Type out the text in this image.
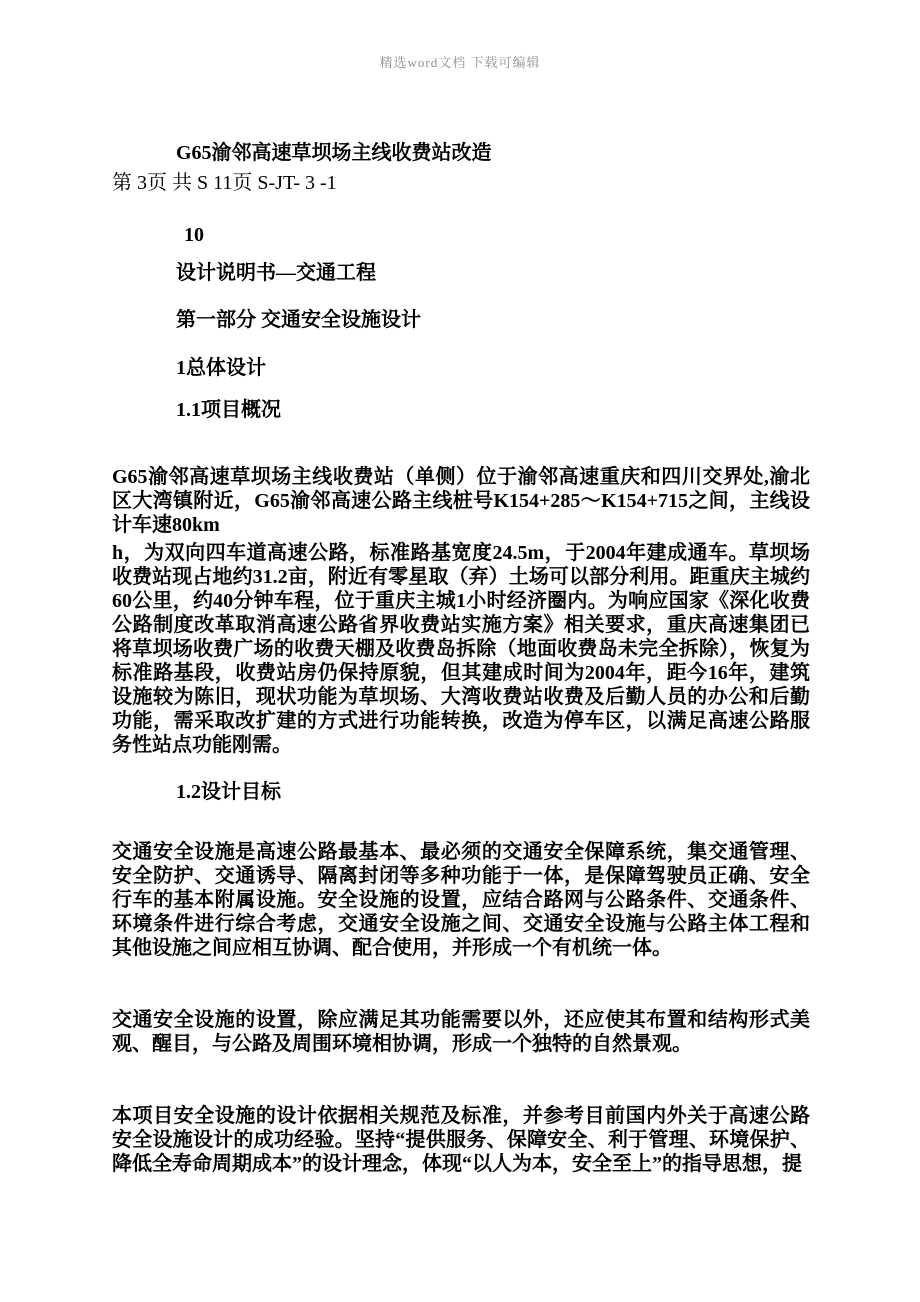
精选word文档 下载可编辑
G65渝邻高速草坝场主线收费站改造
第 3页 共 S 11页 S-JT- 3 -1
10
设计说明书—交通工程
第一部分 交通安全设施设计
1总体设计
1.1项目概况
G65渝邻高速草坝场主线收费站（单侧）位于渝邻高速重庆和四川交界处,渝北区大湾镇附近，G65渝邻高速公路主线桩号K154+285～K154+715之间，主线设计车速80km
h，为双向四车道高速公路，标准路基宽度24.5m，于2004年建成通车。草坝场收费站现占地约31.2亩，附近有零星取（弃）土场可以部分利用。距重庆主城约60公里，约40分钟车程，位于重庆主城1小时经济圈内。为响应国家《深化收费公路制度改革取消高速公路省界收费站实施方案》相关要求，重庆高速集团已将草坝场收费广场的收费天棚及收费岛拆除（地面收费岛未完全拆除），恢复为标准路基段，收费站房仍保持原貌，但其建成时间为2004年，距今16年，建筑设施较为陈旧，现状功能为草坝场、大湾收费站收费及后勤人员的办公和后勤功能，需采取改扩建的方式进行功能转换，改造为停车区，以满足高速公路服务性站点功能刚需。
1.2设计目标
交通安全设施是高速公路最基本、最必须的交通安全保障系统，集交通管理、安全防护、交通诱导、隔离封闭等多种功能于一体，是保障驾驶员正确、安全行车的基本附属设施。安全设施的设置，应结合路网与公路条件、交通条件、环境条件进行综合考虑，交通安全设施之间、交通安全设施与公路主体工程和其他设施之间应相互协调、配合使用，并形成一个有机统一体。
交通安全设施的设置，除应满足其功能需要以外，还应使其布置和结构形式美观、醒目，与公路及周围环境相协调，形成一个独特的自然景观。
本项目安全设施的设计依据相关规范及标准，并参考目前国内外关于高速公路安全设施设计的成功经验。坚持“提供服务、保障安全、利于管理、环境保护、降低全寿命周期成本”的设计理念，体现“以人为本，安全至上”的指导思想，提
